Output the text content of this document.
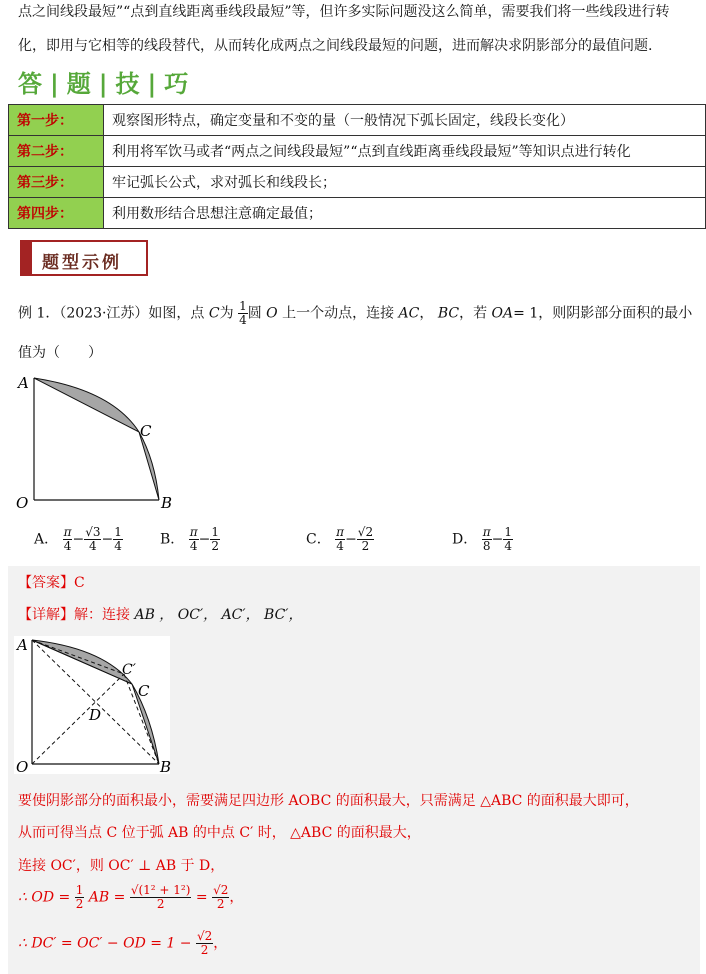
点之间线段最短”“点到直线距离垂线段最短”等，但许多实际问题没这么简单，需要我们将一些线段进行转
化，即用与它相等的线段替代，从而转化成两点之间线段最短的问题，进而解决求阴影部分的最值问题.
答 | 题 | 技 | 巧
第一步：	观察图形特点，确定变量和不变的量（一般情况下弧长固定，线段长变化）
第二步：	利用将军饮马或者“两点之间线段最短”“点到直线距离垂线段最短”等知识点进行转化
第三步：	牢记弧长公式，求对弧长和线段长；
第四步：	利用数形结合思想注意确定最值；
题型示例
例 1．（2023·江苏）如图，点 C为 $\frac{1}{4}$ 圆 O 上一个动点，连接 AC， BC，若 OA= 1，则阴影部分面积的最小
值为（　　）
A
C
O	B
A． $\frac{\pi}{4} - \frac{√3}{4} - \frac{1}{4}$	B． $\frac{\pi}{4} - \frac{1}{2}$	C． $\frac{\pi}{4} - \frac{√2}{2}$	D． $\frac{\pi}{8} - \frac{1}{4}$
【答案】C
【详解】解：连接 AB ， OC′， AC′， BC′，
A
C′
C
D
O	B
要使阴影部分的面积最小，需要满足四边形 AOBC 的面积最大，只需满足 △ABC 的面积最大即可，
从而可得当点 C 位于弧 AB 的中点 C′ 时， △ABC 的面积最大，
连接 OC′，则 OC′ ⊥ AB 于 D，
∴ OD = $\frac{1}{2}$ AB = $\frac{\text{√(1² + 1²)}}{2} = \frac{√2}{2}$ ，
∴ DC′ = OC′ − OD = $1 - \frac{√2}{2}$ ，
